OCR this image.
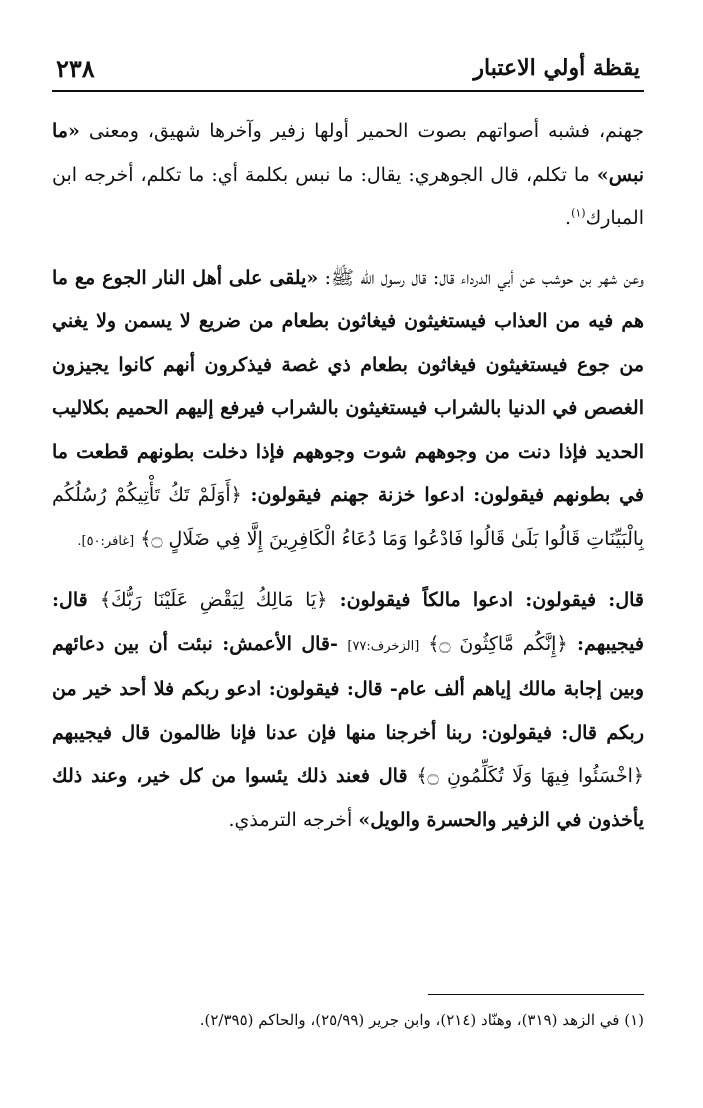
يقظة أولي الاعتبار
٢٣٨

جهنم، فشبه أصواتهم بصوت الحمير أولها زفير وآخرها شهيق، ومعنى «ما نبس» ما تكلم، قال الجوهري: يقال: ما نبس بكلمة أي: ما تكلم، أخرجه ابن المبارك$^{(١)}$.

وعن شهر بن حوشب عن أبي الدرداء قال: قال رسول الله ﷺ: «يلقى على أهل النار الجوع مع ما هم فيه من العذاب فيستغيثون فيغاثون بطعام من ضريع لا يسمن ولا يغني من جوع فيستغيثون فيغاثون بطعام ذي غصة فيذكرون أنهم كانوا يجيزون الغصص في الدنيا بالشراب فيستغيثون بالشراب فيرفع إليهم الحميم بكلاليب الحديد فإذا دنت من وجوههم شوت وجوههم فإذا دخلت بطونهم قطعت ما في بطونهم فيقولون: ادعوا خزنة جهنم فيقولون: ﴿أَوَلَمْ تَكُ تَأْتِيكُمْ رُسُلُكُم بِالْبَيِّنَاتِ قَالُوا بَلَىٰ قَالُوا فَادْعُوا وَمَا دُعَاءُ الْكَافِرِينَ إِلَّا فِي ضَلَالٍ ۝﴾ [غافر:٥٠].

قال: فيقولون: ادعوا مالكاً فيقولون: ﴿يَا مَالِكُ لِيَقْضِ عَلَيْنَا رَبُّكَ﴾ قال: فيجيبهم: ﴿إِنَّكُم مَّاكِثُونَ ۝﴾ [الزخرف:٧٧] -قال الأعمش: نبئت أن بين دعائهم وبين إجابة مالك إياهم ألف عام- قال: فيقولون: ادعو ربكم فلا أحد خير من ربكم قال: فيقولون: ربنا أخرجنا منها فإن عدنا فإنا ظالمون قال فيجيبهم ﴿اخْسَئُوا فِيهَا وَلَا تُكَلِّمُونِ ۝﴾ قال فعند ذلك يئسوا من كل خير، وعند ذلك يأخذون في الزفير والحسرة والويل» أخرجه الترمذي.

(١) في الزهد (٣١٩)، وهنّاد (٢١٤)، وابن جرير (٢٥/٩٩)، والحاكم (٢/٣٩٥).
